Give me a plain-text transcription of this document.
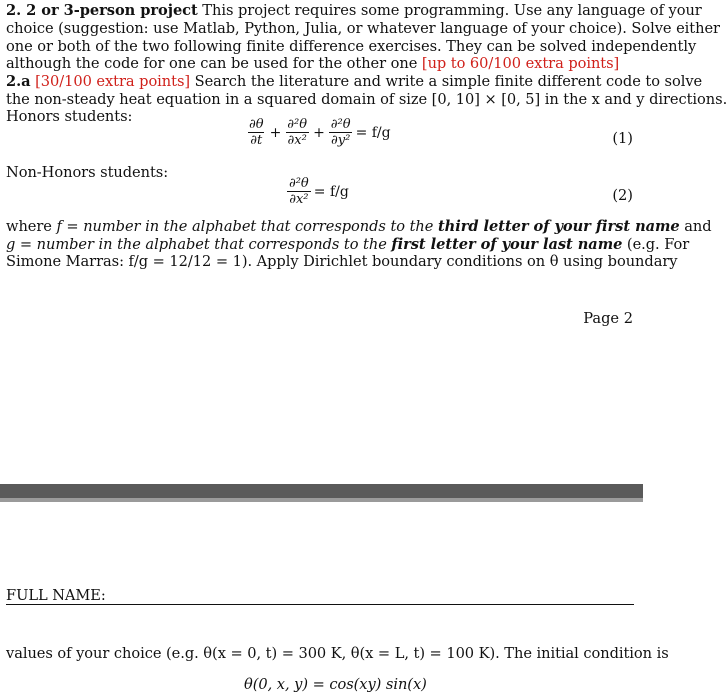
2. 2 or 3-person project This project requires some programming. Use any language of your
choice (suggestion: use Matlab, Python, Julia, or whatever language of your choice). Solve either
one or both of the two following finite difference exercises. They can be solved independently
although the code for one can be used for the other one [up to 60/100 extra points]
2.a [30/100 extra points] Search the literature and write a simple finite different code to solve
the non-steady heat equation in a squared domain of size [0, 10] × [0, 5] in the x and y directions.
Honors students:
$\frac{\partial\theta}{\partial t} + \frac{\text{∂²θ}}{\text{∂x²}} + \frac{\text{∂²θ}}{\text{∂y²}} = f/g$	(1)
Non-Honors students:
$\frac{\text{∂²θ}}{\text{∂x²}} = f/g$	(2)
where f = number in the alphabet that corresponds to the third letter of your first name and
g = number in the alphabet that corresponds to the first letter of your last name (e.g. For
Simone Marras: f/g = 12/12 = 1). Apply Dirichlet boundary conditions on θ using boundary
Page 2
FULL NAME:
values of your choice (e.g. θ(x = 0, t) = 300 K, θ(x = L, t) = 100 K). The initial condition is
θ(0, x, y) = cos(xy) sin(x)
